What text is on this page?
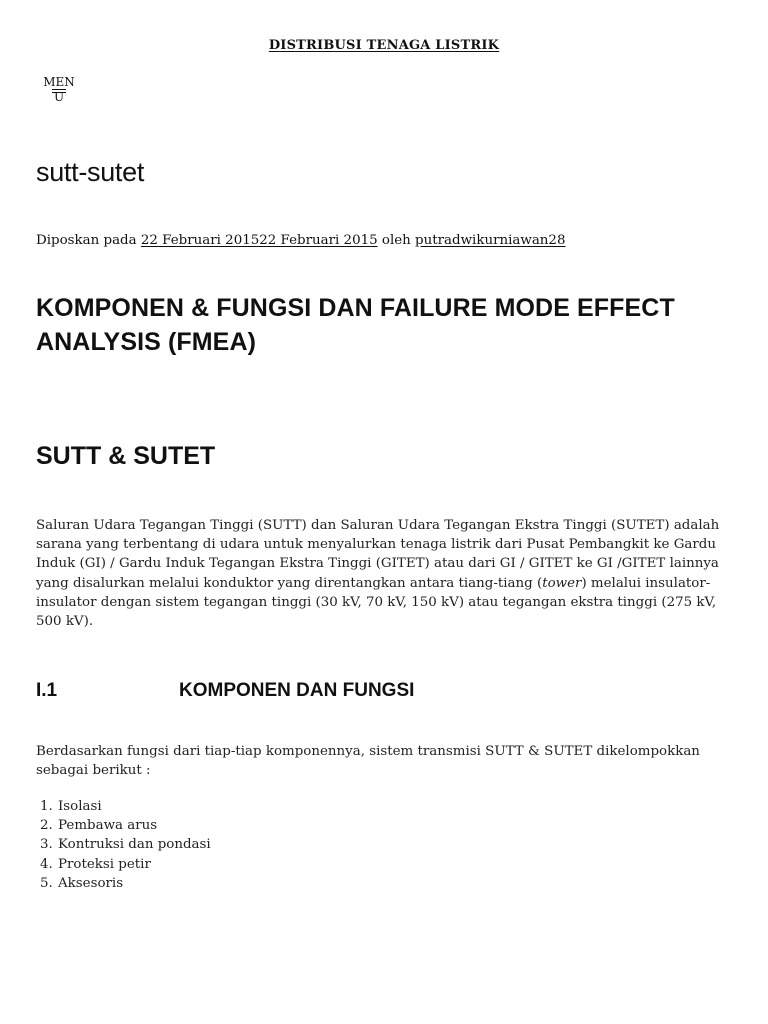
DISTRIBUSI TENAGA LISTRIK
MEN
U
sutt-sutet
Diposkan pada 22 Februari 201522 Februari 2015 oleh putradwikurniawan28
KOMPONEN & FUNGSI DAN FAILURE MODE EFFECT ANALYSIS (FMEA)
SUTT & SUTET

Saluran Udara Tegangan Tinggi (SUTT) dan Saluran Udara Tegangan Ekstra Tinggi (SUTET) adalah sarana yang terbentang di udara untuk menyalurkan tenaga listrik dari Pusat Pembangkit ke Gardu Induk (GI) / Gardu Induk Tegangan Ekstra Tinggi (GITET) atau dari GI / GITET ke GI /GITET lainnya yang disalurkan melalui konduktor yang direntangkan antara tiang-tiang (tower) melalui insulator-insulator dengan sistem tegangan tinggi (30 kV, 70 kV, 150 kV) atau tegangan ekstra tinggi (275 kV, 500 kV).

I.1	KOMPONEN DAN FUNGSI

Berdasarkan fungsi dari tiap-tiap komponennya, sistem transmisi SUTT & SUTET dikelompokkan sebagai berikut :

1. Isolasi
2. Pembawa arus
3. Kontruksi dan pondasi
4. Proteksi petir
5. Aksesoris
